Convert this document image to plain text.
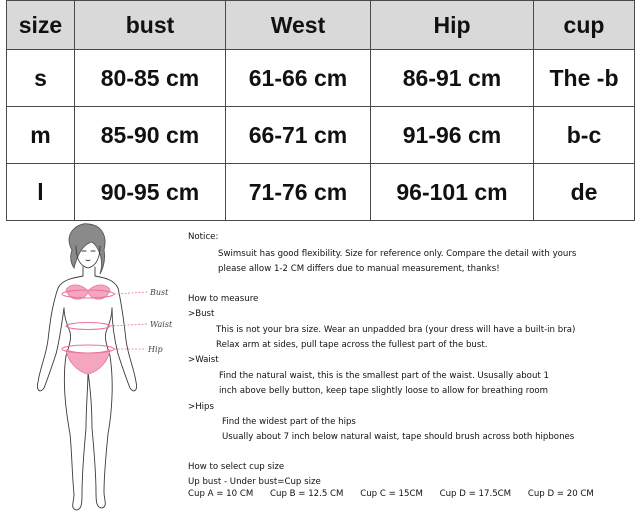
size	bust	West	Hip	cup
s	80-85 cm	61-66 cm	86-91 cm	The -b
m	85-90 cm	66-71 cm	91-96 cm	b-c
l	90-95 cm	71-76 cm	96-101 cm	de
Bust
Waist
Hip
Notice:
Swimsuit has good flexibility. Size for reference only. Compare the detail with yours
please allow 1-2 CM differs due to manual measurement, thanks!
How to measure
>Bust
This is not your bra size. Wear an unpadded bra (your dress will have a built-in bra)
Relax arm at sides, pull tape across the fullest part of the bust.
>Waist
Find the natural waist, this is the smallest part of the waist. Ususally about 1
inch above belly button, keep tape slightly loose to allow for breathing room
>Hips
Find the widest part of the hips
Usually about 7 inch below natural waist, tape should brush across both hipbones
How to select cup size
Up bust - Under bust=Cup size
Cup A = 10 CM Cup B = 12.5 CM Cup C = 15CM Cup D = 17.5CM Cup D = 20 CM
